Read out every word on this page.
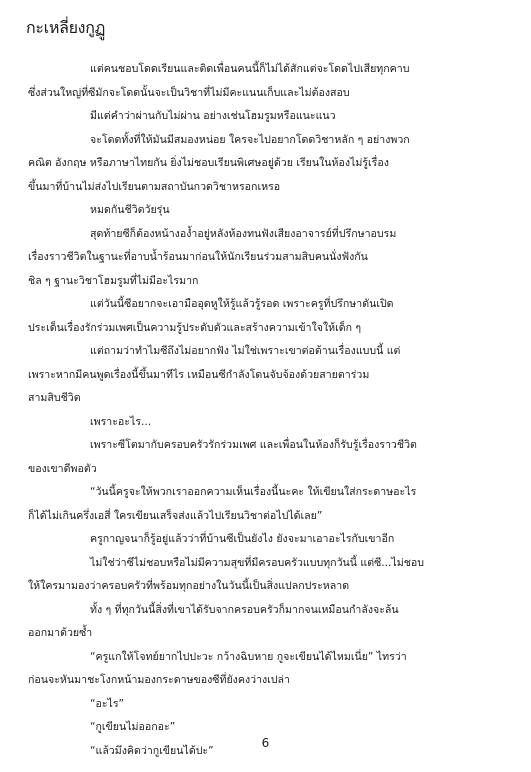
กะเหลี่ยงกูฏู

แต่คนชอบโดดเรียนและติดเพื่อนคนนี้ก็ไม่ได้สักแต่จะโดดไปเสียทุกคาบ

ซึ่งส่วนใหญ่ที่ซีมักจะโดดนั้นจะเป็นวิชาที่ไม่มีคะแนนเก็บและไม่ต้องสอบ

มีแต่คำว่าผ่านกับไม่ผ่าน อย่างเช่นโฮมรูมหรือแนะแนว

จะโดดทั้งที่ให้มันมีสมองหน่อย ใครจะไปอยากโดดวิชาหลัก ๆ อย่างพวก

คณิต อังกฤษ หรือภาษาไทยกัน ยิ่งไม่ชอบเรียนพิเศษอยู่ด้วย เรียนในห้องไม่รู้เรื่อง

ขึ้นมาที่บ้านไม่ส่งไปเรียนตามสถาบันกวดวิชาหรอกเหรอ

หมดกันชีวิตวัยรุ่น

สุดท้ายซีก็ต้องหน้างอง้ำอยู่หลังห้องทนฟังเสียงอาจารย์ที่ปรึกษาอบรม

เรื่องราวชีวิตในฐานะที่อาบน้ำร้อนมาก่อนให้นักเรียนร่วมสามสิบคนนั่งฟังกัน

ชิล ๆ ฐานะวิชาโฮมรูมที่ไม่มีอะไรมาก

แต่วันนี้ซีอยากจะเอามืออุดหูให้รู้แล้วรู้รอด เพราะครูที่ปรึกษาดันเปิด

ประเด็นเรื่องรักร่วมเพศเป็นความรู้ประดับตัวและสร้างความเข้าใจให้เด็ก ๆ

แต่ถามว่าทำไมซีถึงไม่อยากฟัง ไม่ใช่เพราะเขาต่อต้านเรื่องแบบนี้ แต่

เพราะหากมีคนพูดเรื่องนี้ขึ้นมาทีไร เหมือนซีกำลังโดนจับจ้องด้วยสายตาร่วม

สามสิบชีวิต

เพราะอะไร...

เพราะซีโตมากับครอบครัวรักร่วมเพศ และเพื่อนในห้องก็รับรู้เรื่องราวชีวิต

ของเขาดีพอตัว

“วันนี้ครูจะให้พวกเราออกความเห็นเรื่องนี้นะคะ ให้เขียนใส่กระดาษอะไร

ก็ได้ไม่เกินครึ่งเอสี่ ใครเขียนเสร็จส่งแล้วไปเรียนวิชาต่อไปได้เลย”

ครูกาญจนาก็รู้อยู่แล้วว่าที่บ้านซีเป็นยังไง ยังจะมาเอาอะไรกับเขาอีก

ไม่ใช่ว่าซีไม่ชอบหรือไม่มีความสุขที่มีครอบครัวแบบทุกวันนี้ แต่ซี...ไม่ชอบ

ให้ใครมามองว่าครอบครัวที่พร้อมทุกอย่างในวันนี้เป็นสิ่งแปลกประหลาด

ทั้ง ๆ ที่ทุกวันนี้สิ่งที่เขาได้รับจากครอบครัวก็มากจนเหมือนกำลังจะล้น

ออกมาด้วยซ้ำ

“ครูแกให้โจทย์ยากไปปะวะ กว้างฉิบหาย กูจะเขียนได้ไหมเนี่ย” ไทรว่า

ก่อนจะหันมาชะโงกหน้ามองกระดาษของซีที่ยังคงว่างเปล่า

“อะไร”

“กูเขียนไม่ออกอะ”

“แล้วมึงคิดว่ากูเขียนได้ปะ”

6
